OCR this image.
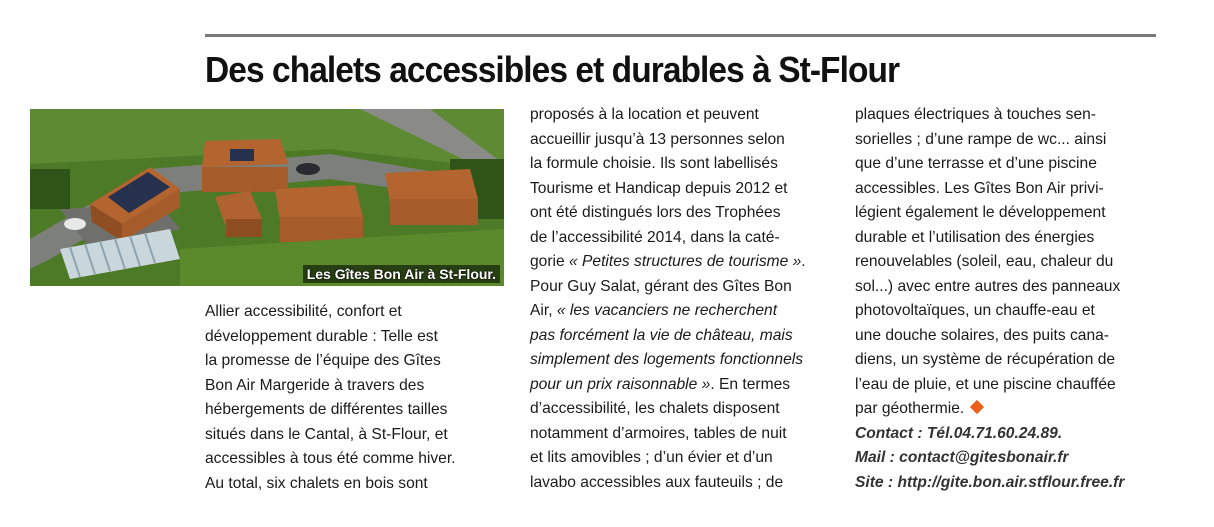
Des chalets accessibles et durables à St-Flour
Les Gîtes Bon Air à St-Flour.
Allier accessibilité, confort et
développement durable : Telle est
la promesse de l’équipe des Gîtes
Bon Air Margeride à travers des
hébergements de différentes tailles
situés dans le Cantal, à St-Flour, et
accessibles à tous été comme hiver.
Au total, six chalets en bois sont
proposés à la location et peuvent
accueillir jusqu’à 13 personnes selon
la formule choisie. Ils sont labellisés
Tourisme et Handicap depuis 2012 et
ont été distingués lors des Trophées
de l’accessibilité 2014, dans la caté-
gorie « Petites structures de tourisme ».
Pour Guy Salat, gérant des Gîtes Bon
Air, « les vacanciers ne recherchent
pas forcément la vie de château, mais
simplement des logements fonctionnels
pour un prix raisonnable ». En termes
d’accessibilité, les chalets disposent
notamment d’armoires, tables de nuit
et lits amovibles ; d’un évier et d’un
lavabo accessibles aux fauteuils ; de
plaques électriques à touches sen-
sorielles ; d’une rampe de wc... ainsi
que d’une terrasse et d’une piscine
accessibles. Les Gîtes Bon Air privi-
légient également le développement
durable et l’utilisation des énergies
renouvelables (soleil, eau, chaleur du
sol...) avec entre autres des panneaux
photovoltaïques, un chauffe-eau et
une douche solaires, des puits cana-
diens, un système de récupération de
l’eau de pluie, et une piscine chauffée
par géothermie.
Contact : Tél.04.71.60.24.89.
Mail : contact@gitesbonair.fr
Site : http://gite.bon.air.stflour.free.fr
